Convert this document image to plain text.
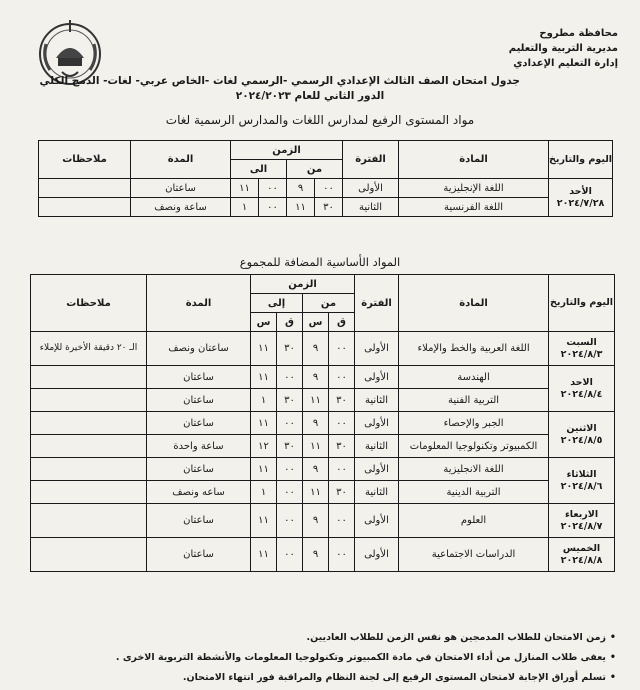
محافظة مطروح
مديرية التربية والتعليم
إدارة التعليم الإعدادي
جدول امتحان الصف الثالث الإعدادي الرسمي -الرسمي لغات -الخاص عربي- لغات- الدمج الكلي
الدور الثاني للعام ٢٠٢٤/٢٠٢٣
مواد المستوى الرفيع لمدارس اللغات والمدارس الرسمية لغات
اليوم والتاريخ	المادة	الفترة	الزمن				المدة	ملاحظات
			من		الى			
الأحد ٢٠٢٤/٧/٢٨	اللغة الإنجليزية	الأولى	٠٠	٩	٠٠	١١	ساعتان	
	اللغة الفرنسية	الثانية	٣٠	١١	٠٠	١	ساعة ونصف	
المواد الأساسية المضافة للمجموع
اليوم والتاريخ	المادة	الفترة	الزمن				المدة	ملاحظات
			من		إلى			
			ق	س	ق	س		
السبت ٢٠٢٤/٨/٣	اللغة العربية والخط والإملاء	الأولى	٠٠	٩	٣٠	١١	ساعتان ونصف	الـ ٢٠ دقيقة الأخيرة للإملاء
الاحد ٢٠٢٤/٨/٤	الهندسة	الأولى	٠٠	٩	٠٠	١١	ساعتان	
	التربية الفنية	الثانية	٣٠	١١	٣٠	١	ساعتان	
الاثنين ٢٠٢٤/٨/٥	الجبر والإحصاء	الأولى	٠٠	٩	٠٠	١١	ساعتان	
	الكمبيوتر وتكنولوجيا المعلومات	الثانية	٣٠	١١	٣٠	١٢	ساعة واحدة	
الثلاثاء ٢٠٢٤/٨/٦	اللغة الانجليزية	الأولى	٠٠	٩	٠٠	١١	ساعتان	
	التربية الدينية	الثانية	٣٠	١١	٠٠	١	ساعه ونصف	
الاربعاء ٢٠٢٤/٨/٧	العلوم	الأولى	٠٠	٩	٠٠	١١	ساعتان	
الخميس ٢٠٢٤/٨/٨	الدراسات الاجتماعية	الأولى	٠٠	٩	٠٠	١١	ساعتان	
•زمن الامتحان للطلاب المدمجين هو نفس الزمن للطلاب العاديين.
•يعفى طلاب المنازل من أداء الامتحان في مادة الكمبيوتر وتكنولوجيا المعلومات والأنشطة التربوية الاخرى .
•تسلم أوراق الإجابة لامتحان المستوى الرفيع إلى لجنة النظام والمراقبة فور انتهاء الامتحان.
